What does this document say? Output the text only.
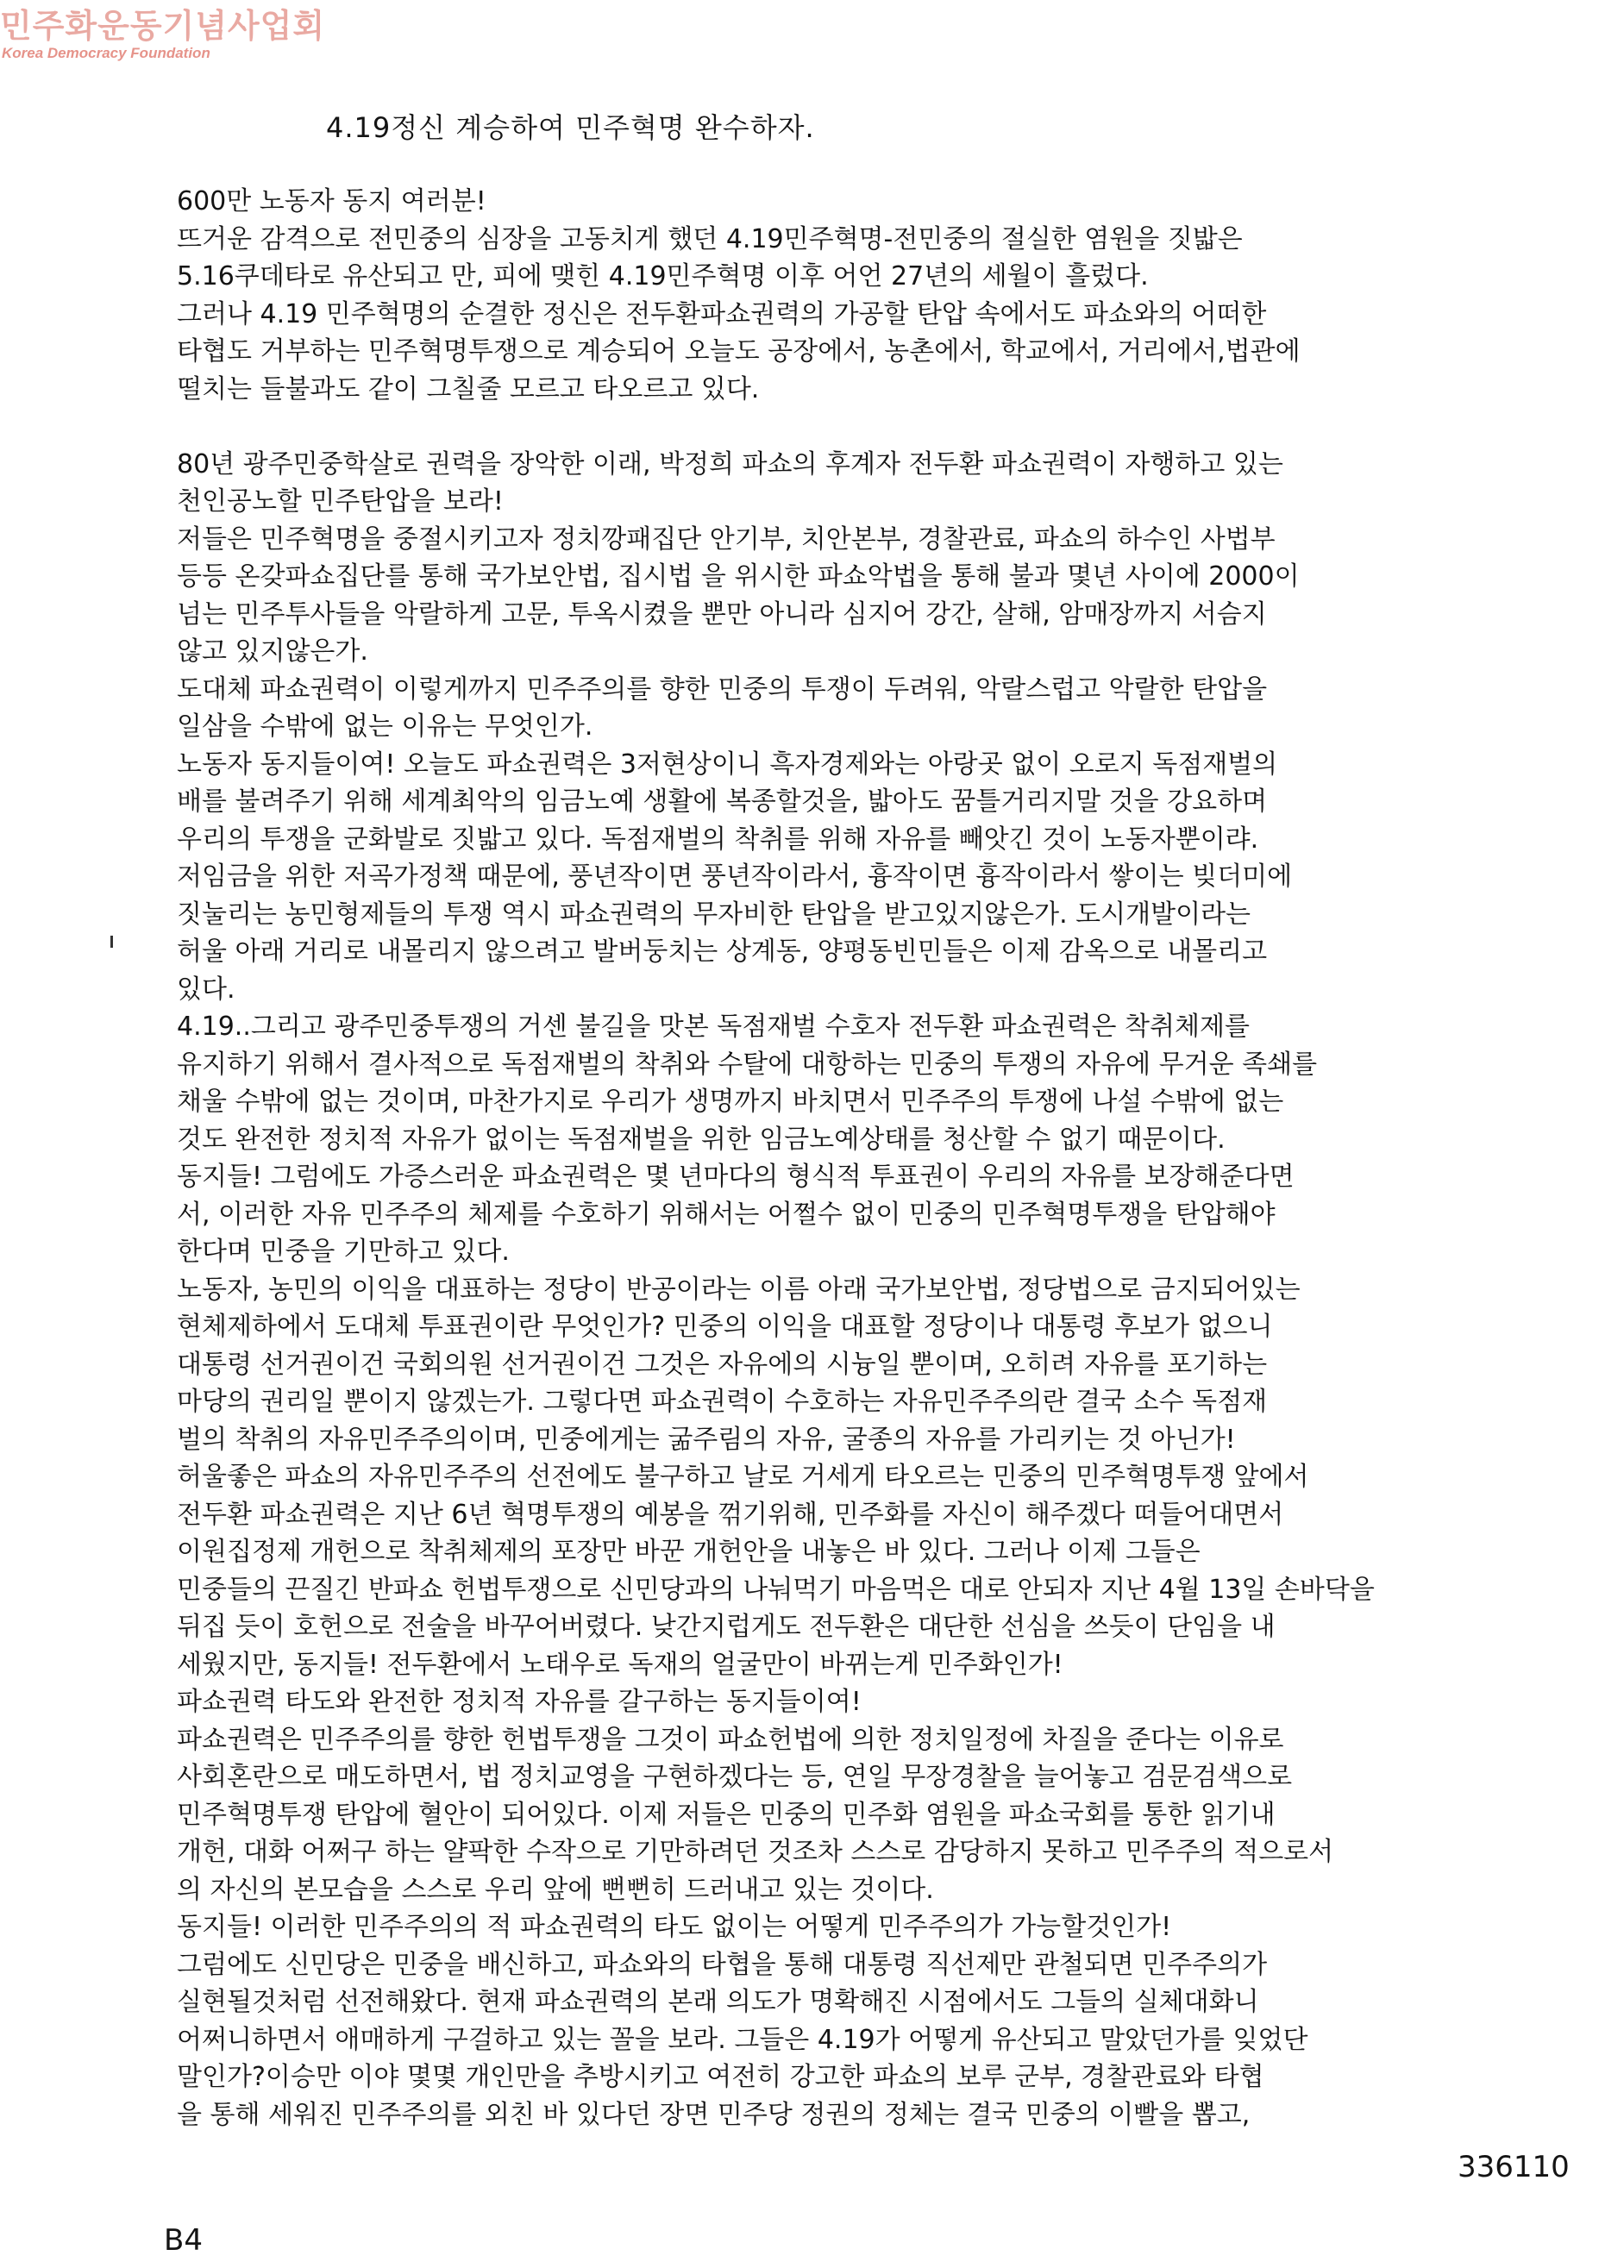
민주화운동기념사업회
Korea Democracy Foundation
4.19정신 계승하여 민주혁명 완수하자.
600만 노동자 동지 여러분!
뜨거운 감격으로 전민중의 심장을 고동치게 했던 4.19민주혁명-전민중의 절실한 염원을 짓밟은
5.16쿠데타로 유산되고 만, 피에 맺힌 4.19민주혁명 이후 어언 27년의 세월이 흘렀다.
그러나 4.19 민주혁명의 순결한 정신은 전두환파쇼권력의 가공할 탄압 속에서도 파쇼와의 어떠한
타협도 거부하는 민주혁명투쟁으로 계승되어 오늘도 공장에서, 농촌에서, 학교에서, 거리에서,법관에
떨치는 들불과도 같이 그칠줄 모르고 타오르고 있다.
80년 광주민중학살로 권력을 장악한 이래, 박정희 파쇼의 후계자 전두환 파쇼권력이 자행하고 있는
천인공노할 민주탄압을 보라!
저들은 민주혁명을 중절시키고자 정치깡패집단 안기부, 치안본부, 경찰관료, 파쇼의 하수인 사법부
등등 온갖파쇼집단를 통해 국가보안법, 집시법 을 위시한 파쇼악법을 통해 불과 몇년 사이에 2000이
넘는 민주투사들을 악랄하게 고문, 투옥시켰을 뿐만 아니라 심지어 강간, 살해, 암매장까지 서슴지
않고 있지않은가.
도대체 파쇼권력이 이렇게까지 민주주의를 향한 민중의 투쟁이 두려워, 악랄스럽고 악랄한 탄압을
일삼을 수밖에 없는 이유는 무엇인가.
노동자 동지들이여! 오늘도 파쇼권력은 3저현상이니 흑자경제와는 아랑곳 없이 오로지 독점재벌의
배를 불려주기 위해 세계최악의 임금노예 생활에 복종할것을, 밟아도 꿈틀거리지말 것을 강요하며
우리의 투쟁을 군화발로 짓밟고 있다. 독점재벌의 착취를 위해 자유를 빼앗긴 것이 노동자뿐이랴.
저임금을 위한 저곡가정책 때문에, 풍년작이면 풍년작이라서, 흉작이면 흉작이라서 쌓이는 빚더미에
짓눌리는 농민형제들의 투쟁 역시 파쇼권력의 무자비한 탄압을 받고있지않은가. 도시개발이라는
허울 아래 거리로 내몰리지 않으려고 발버둥치는 상계동, 양평동빈민들은 이제 감옥으로 내몰리고
있다.
4.19..그리고 광주민중투쟁의 거센 불길을 맛본 독점재벌 수호자 전두환 파쇼권력은 착취체제를
유지하기 위해서 결사적으로 독점재벌의 착취와 수탈에 대항하는 민중의 투쟁의 자유에 무거운 족쇄를
채울 수밖에 없는 것이며, 마찬가지로 우리가 생명까지 바치면서 민주주의 투쟁에 나설 수밖에 없는
것도 완전한 정치적 자유가 없이는 독점재벌을 위한 임금노예상태를 청산할 수 없기 때문이다.
동지들! 그럼에도 가증스러운 파쇼권력은 몇 년마다의 형식적 투표권이 우리의 자유를 보장해준다면
서, 이러한 자유 민주주의 체제를 수호하기 위해서는 어쩔수 없이 민중의 민주혁명투쟁을 탄압해야
한다며 민중을 기만하고 있다.
노동자, 농민의 이익을 대표하는 정당이 반공이라는 이름 아래 국가보안법, 정당법으로 금지되어있는
현체제하에서 도대체 투표권이란 무엇인가? 민중의 이익을 대표할 정당이나 대통령 후보가 없으니
대통령 선거권이건 국회의원 선거권이건 그것은 자유에의 시늉일 뿐이며, 오히려 자유를 포기하는
마당의 권리일 뿐이지 않겠는가. 그렇다면 파쇼권력이 수호하는 자유민주주의란 결국 소수 독점재
벌의 착취의 자유민주주의이며, 민중에게는 굶주림의 자유, 굴종의 자유를 가리키는 것 아닌가!
허울좋은 파쇼의 자유민주주의 선전에도 불구하고 날로 거세게 타오르는 민중의 민주혁명투쟁 앞에서
전두환 파쇼권력은 지난 6년 혁명투쟁의 예봉을 꺾기위해, 민주화를 자신이 해주겠다 떠들어대면서
이원집정제 개헌으로 착취체제의 포장만 바꾼 개헌안을 내놓은 바 있다. 그러나 이제 그들은
민중들의 끈질긴 반파쇼 헌법투쟁으로 신민당과의 나눠먹기 마음먹은 대로 안되자 지난 4월 13일 손바닥을
뒤집 듯이 호헌으로 전술을 바꾸어버렸다. 낮간지럽게도 전두환은 대단한 선심을 쓰듯이 단임을 내
세웠지만, 동지들! 전두환에서 노태우로 독재의 얼굴만이 바뀌는게 민주화인가!
파쇼권력 타도와 완전한 정치적 자유를 갈구하는 동지들이여!
파쇼권력은 민주주의를 향한 헌법투쟁을 그것이 파쇼헌법에 의한 정치일정에 차질을 준다는 이유로
사회혼란으로 매도하면서, 법 정치교영을 구현하겠다는 등, 연일 무장경찰을 늘어놓고 검문검색으로
민주혁명투쟁 탄압에 혈안이 되어있다. 이제 저들은 민중의 민주화 염원을 파쇼국회를 통한 읽기내
개헌, 대화 어쩌구 하는 얄팍한 수작으로 기만하려던 것조차 스스로 감당하지 못하고 민주주의 적으로서
의 자신의 본모습을 스스로 우리 앞에 뻔뻔히 드러내고 있는 것이다.
동지들! 이러한 민주주의의 적 파쇼권력의 타도 없이는 어떻게 민주주의가 가능할것인가!
그럼에도 신민당은 민중을 배신하고, 파쇼와의 타협을 통해 대통령 직선제만 관철되면 민주주의가
실현될것처럼 선전해왔다. 현재 파쇼권력의 본래 의도가 명확해진 시점에서도 그들의 실체대화니
어쩌니하면서 애매하게 구걸하고 있는 꼴을 보라. 그들은 4.19가 어떻게 유산되고 말았던가를 잊었단
말인가?이승만 이야 몇몇 개인만을 추방시키고 여전히 강고한 파쇼의 보루 군부, 경찰관료와 타협
을 통해 세워진 민주주의를 외친 바 있다던 장면 민주당 정권의 정체는 결국 민중의 이빨을 뽑고,
336110
B4
